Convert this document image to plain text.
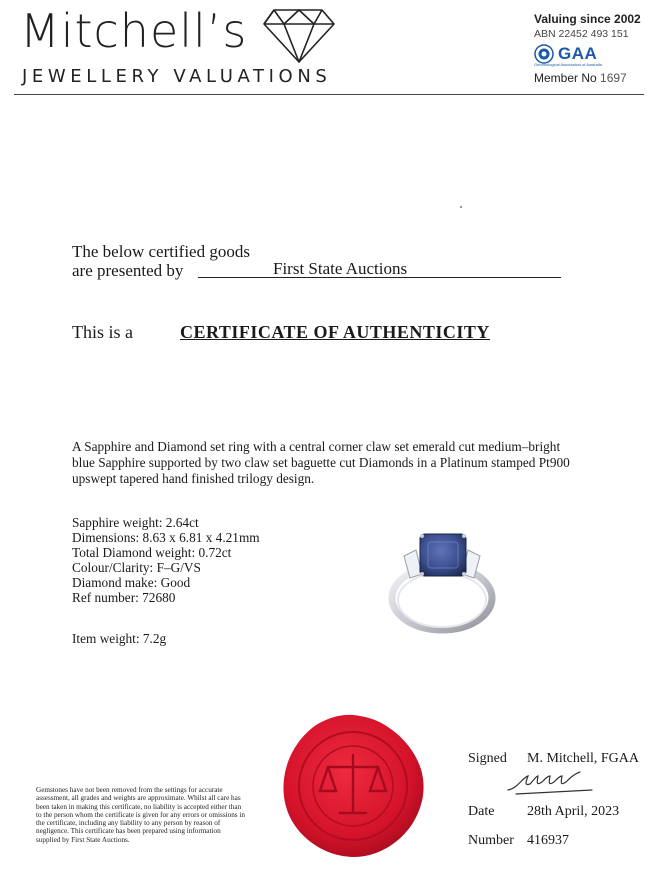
Mitchell’s
JEWELLERY VALUATIONS
Valuing since 2002
ABN 22452 493 151
GAA
Gemmological Association of Australia
Member No 1697
The below certified goods
are presented by	First State Auctions
This is a	CERTIFICATE OF AUTHENTICITY
A Sapphire and Diamond set ring with a central corner claw set emerald cut medium–bright blue Sapphire supported by two claw set baguette cut Diamonds in a Platinum stamped Pt900 upswept tapered hand finished trilogy design.
Sapphire weight: 2.64ct
Dimensions: 8.63 x 6.81 x 4.21mm
Total Diamond weight: 0.72ct
Colour/Clarity: F–G/VS
Diamond make: Good
Ref number: 72680
Item weight: 7.2g
Gemstones have not been removed from the settings for accurate assessment, all grades and weights are approximate. Whilst all care has been taken in making this certificate, no liability is accepted either than to the person whom the certificate is given for any errors or omissions in the certificate, including any liability to any person by reason of negligence. This certificate has been prepared using information supplied by First State Auctions.
Signed M. Mitchell, FGAA
Date 28th April, 2023
Number 416937
